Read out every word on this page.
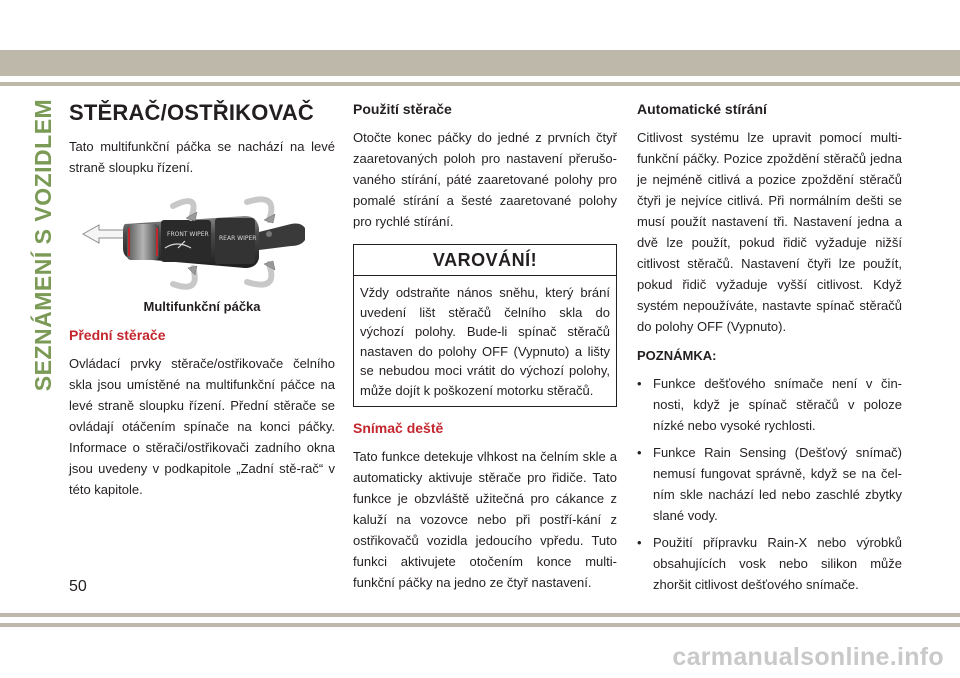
SEZNÁMENÍ S VOZIDLEM STĚRAČ/OSTŘIKOVAČ

Tato multifunkční páčka se nachází na levé straně sloupku řízení.

FRONT WIPER
REAR WIPER
Multifunkční páčka
Přední stěrače

Ovládací prvky stěrače/ostřikovače čelního skla jsou umístěné na multifunkční páčce na levé straně sloupku řízení. Přední stěrače se ovládají otáčením spínače na konci páčky. Informace o stěrači/ostřikovači zadního okna jsou uvedeny v podkapitole „Zadní stě-rač“ v této kapitole.

Použití stěrače

Otočte konec páčky do jedné z prvních čtyř zaaretovaných poloh pro nastavení přerušo-vaného stírání, páté zaaretované polohy pro pomalé stírání a šesté zaaretované polohy pro rychlé stírání.

VAROVÁNÍ!
Vždy odstraňte nános sněhu, který brání uvedení lišt stěračů čelního skla do výchozí polohy. Bude-li spínač stěračů nastaven do polohy OFF (Vypnuto) a lišty se nebudou moci vrátit do výchozí polohy, může dojít k poškození motorku stěračů.
Snímač deště

Tato funkce detekuje vlhkost na čelním skle a automaticky aktivuje stěrače pro řidiče. Tato funkce je obzvláště užitečná pro cákance z kaluží na vozovce nebo při postří-kání z ostřikovačů vozidla jedoucího vpředu. Tuto funkci aktivujete otočením konce multi-funkční páčky na jedno ze čtyř nastavení.

Automatické stírání

Citlivost systému lze upravit pomocí multi-funkční páčky. Pozice zpoždění stěračů jedna je nejméně citlivá a pozice zpoždění stěračů čtyři je nejvíce citlivá. Při normálním dešti se musí použít nastavení tři. Nastavení jedna a dvě lze použít, pokud řidič vyžaduje nižší citlivost stěračů. Nastavení čtyři lze použít, pokud řidič vyžaduje vyšší citlivost. Když systém nepoužíváte, nastavte spínač stěračů do polohy OFF (Vypnuto).

POZNÁMKA:
• Funkce dešťového snímače není v čin-nosti, když je spínač stěračů v poloze nízké nebo vysoké rychlosti.
• Funkce Rain Sensing (Dešťový snímač) nemusí fungovat správně, když se na čel-ním skle nachází led nebo zaschlé zbytky slané vody.
• Použití přípravku Rain-X nebo výrobků obsahujících vosk nebo silikon může zhoršit citlivost dešťového snímače.
50
carmanualsonline.info
